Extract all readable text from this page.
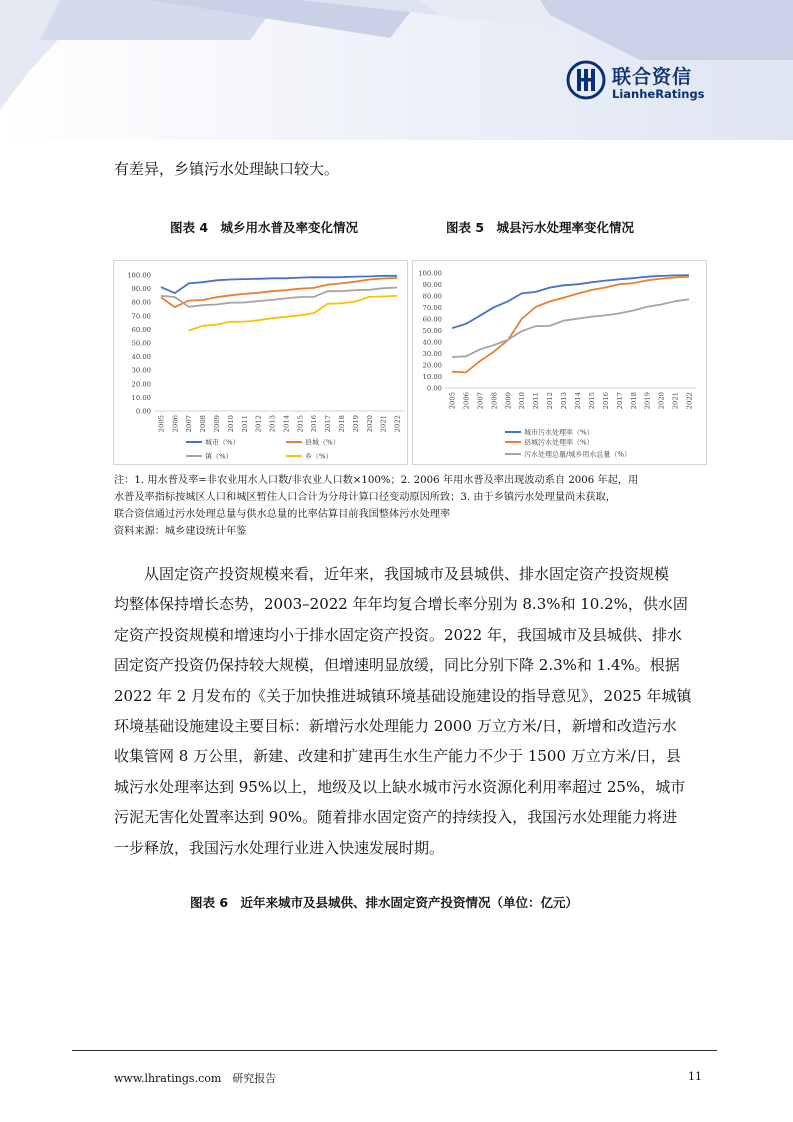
联合资信
LianheRatings
有差异，乡镇污水处理缺口较大。
图表 4　城乡用水普及率变化情况
0.00
10.00
20.00
30.00
40.00
50.00
60.00
70.00
80.00
90.00
100.00
2005 2006 2007 2008 2009 2010 2011 2012 2013 2014 2015 2016 2017 2018 2019 2020 2021 2022
城市（%）	县城（%）
镇（%）	乡（%）
图表 5　城县污水处理率变化情况
0.00
10.00
20.00
30.00
40.00
50.00
60.00
70.00
80.00
90.00
100.00
2005 2006 2007 2008 2009 2010 2011 2012 2013 2014 2015 2016 2017 2018 2019 2020 2021 2022
城市污水处理率（%）
县城污水处理率（%）
污水处理总量/城乡用水总量（%）
注：1. 用水普及率=非农业用水人口数/非农业人口数×100%；2. 2006 年用水普及率出现波动系自 2006 年起，用
水普及率指标按城区人口和城区暂住人口合计为分母计算口径变动原因所致；3. 由于乡镇污水处理量尚未获取，
联合资信通过污水处理总量与供水总量的比率估算目前我国整体污水处理率
资料来源：城乡建设统计年鉴
　　从固定资产投资规模来看，近年来，我国城市及县城供、排水固定资产投资规模
均整体保持增长态势，2003–2022 年年均复合增长率分别为 8.3%和 10.2%，供水固
定资产投资规模和增速均小于排水固定资产投资。2022 年，我国城市及县城供、排水
固定资产投资仍保持较大规模，但增速明显放缓，同比分别下降 2.3%和 1.4%。根据
2022 年 2 月发布的《关于加快推进城镇环境基础设施建设的指导意见》，2025 年城镇
环境基础设施建设主要目标：新增污水处理能力 2000 万立方米/日，新增和改造污水
收集管网 8 万公里，新建、改建和扩建再生水生产能力不少于 1500 万立方米/日，县
城污水处理率达到 95%以上，地级及以上缺水城市污水资源化利用率超过 25%，城市
污泥无害化处置率达到 90%。随着排水固定资产的持续投入，我国污水处理能力将进
一步释放，我国污水处理行业进入快速发展时期。
图表 6　近年来城市及县城供、排水固定资产投资情况（单位：亿元）
www.lhratings.com　研究报告	11
